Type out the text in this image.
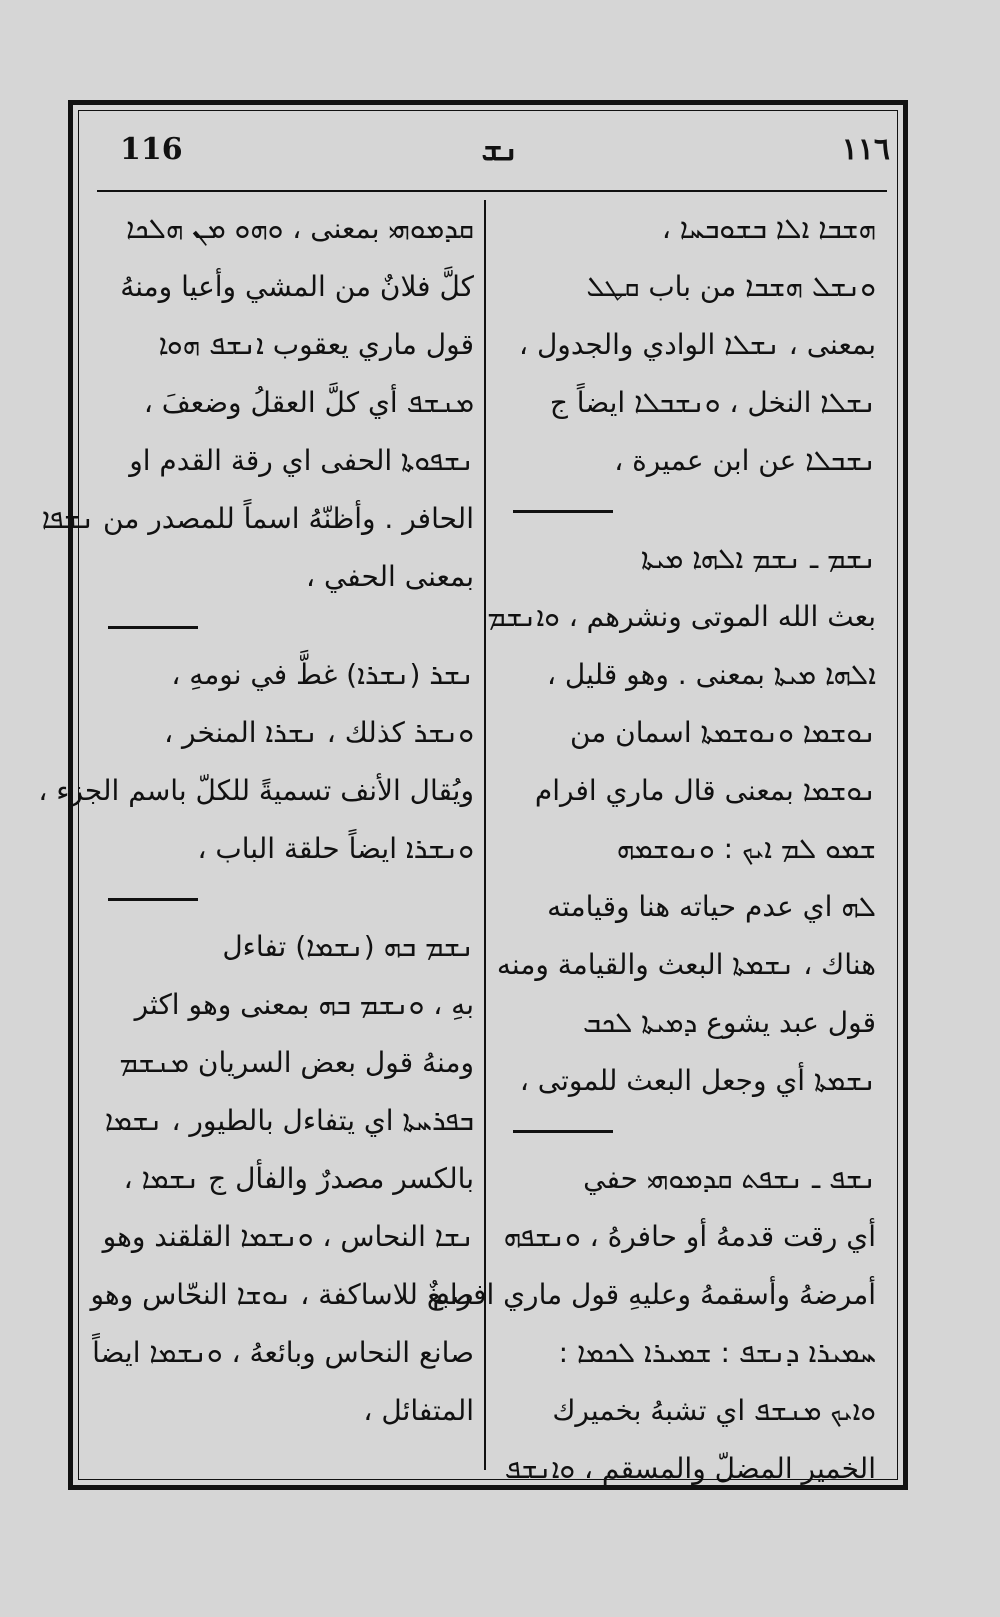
116	ܢܫ	١١٦
ܗܫܒܐ ܐܠܐ ܒܫܘܒܚܐ ،
ܘܢܫܠ ܗܫܒܐ من باب ܩܛܠ
بمعنى ، ܢܫܠܐ الوادي والجدول ،
ܢܫܠܐ النخل ، ܘܢܫܒܠܐ ايضاً ج
ܢܫܒܠܐ عن ابن عميرة ،
ܢܫܡ ـ ܢܫܡ ܐܠܗܐ ܡܝܬܐ
بعث الله الموتى ونشرهم ، ܘܐܢܫܡ
ܐܠܗܐ ܡܝܬܐ بمعنى . وهو قليل ،
ܢܘܫܡܐ ܘܢܘܫܡܬܐ اسمان من
ܢܘܫܡܐ بمعنى قال ماري افرام
ܫܡܘ ܠܡ ܐܝܟ : ܘܢܘܫܡܗ
ܠܗ اي عدم حياته هنا وقيامته
هناك ، ܢܫܡܬܐ البعث والقيامة ومنه
قول عبد يشوع ܕܡܝܬܐ ܠܟܒ
ܢܫܡܬܐ أي وجعل البعث للموتى ،
ܢܫܦ ـ ܢܫܦܬ ܩܕܡܘܗܝ حفي
أي رقت قدمهُ أو حافرهُ ، ܘܢܫܦܗ
أمرضهُ وأسقمهُ وعليهِ قول ماري افرام
ܚܡܝܪܐ ܕܢܫܦ : ܫܡܝܪܐ ܠܟܡܐ :
ܘܐܝܟ ܡܢܫܦ اي تشبهُ بخميرك
الخمير المضلّ والمسقم ، ܘܐܢܫܦ
ܩܕܡܘܗܝ بمعنى ، ܘܗܘ ܡܢ ܗܠܟܐ
كلَّ فلانٌ من المشي وأعيا ومنهُ
قول ماري يعقوب ܐܢܫܦ ܗܘܐ
ܡܢܫܦ أي كلَّ العقلُ وضعفَ ،
ܢܫܦܘܬܐ الحفى اي رقة القدم او
الحافر . وأظنّهُ اسماً للمصدر من ܢܫܦܐ
بمعنى الحفي ،
ܢܫܪ (ܢܫܪܐ) غطَّ في نومهِ ،
ܘܢܫܪ كذلك ، ܢܫܪܐ المنخر ،
ويُقال الأنف تسميةً للكلّ باسم الجزء ،
ܘܢܫܪܐ ايضاً حلقة الباب ،
ܢܫܡ ܒܗ (ܢܫܡܐ) تفاءل
بهِ ، ܘܢܫܡ ܒܗ بمعنى وهو اكثر
ومنهُ قول بعض السريان ܡܢܫܡ
ܒܦܪܚܬܐ اي يتفاءل بالطيور ، ܢܫܡܐ
بالكسر مصدرٌ والفأل ج ܢܫܡܐ ،
ܢܫܐ النحاس ، ܘܢܫܡܐ القلقند وهو
صبغٌ للاساكفة ، ܢܘܫܐ النحّاس وهو
صانع النحاس وبائعهُ ، ܘܢܫܡܐ ايضاً
المتفائل ،
